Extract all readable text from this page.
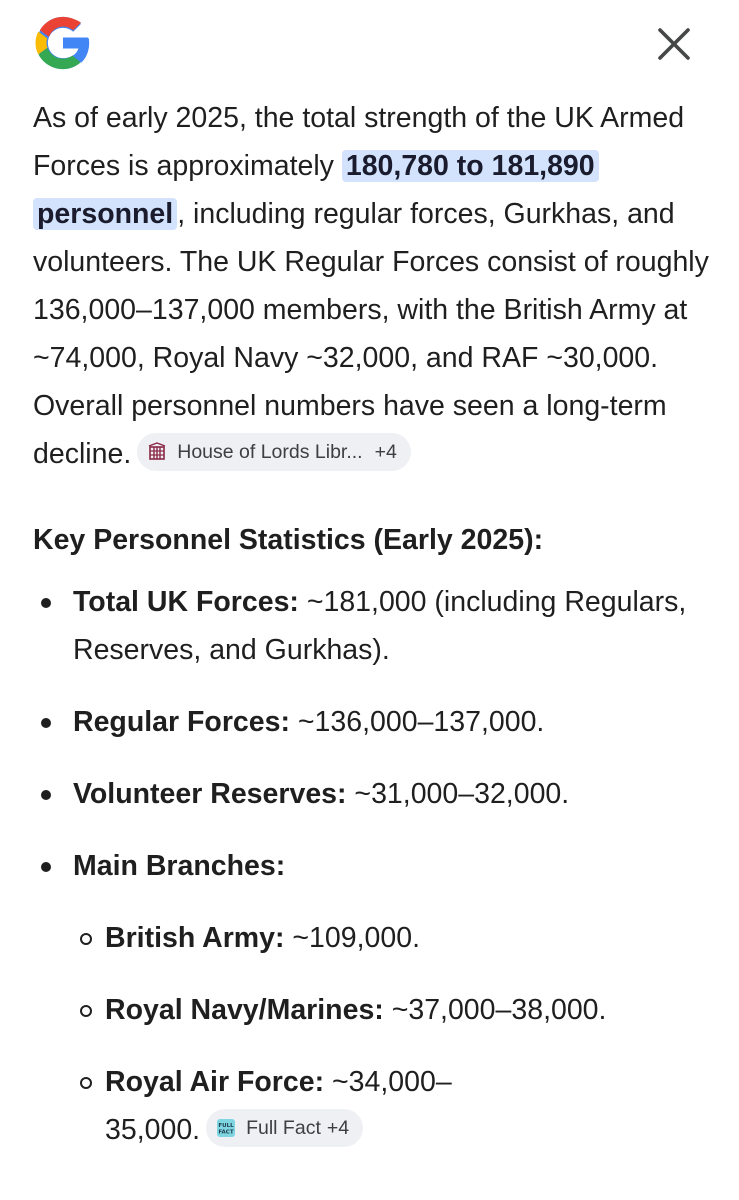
As of early 2025, the total strength of the UK Armed Forces is approximately 180,780 to 181,890 personnel , including regular forces, Gurkhas, and volunteers. The UK Regular Forces consist of roughly 136,000–137,000 members, with the British Army at ~74,000, Royal Navy ~32,000, and RAF ~30,000. Overall personnel numbers have seen a long-term decline. House of Lords Libr... +4

Key Personnel Statistics (Early 2025):
Total UK Forces: ~181,000 (including Regulars, Reserves, and Gurkhas).
Regular Forces: ~136,000–137,000.
Volunteer Reserves: ~31,000–32,000.
Main Branches:
British Army: ~109,000.
Royal Navy/Marines: ~37,000–38,000.
Royal Air Force: ~34,000–35,000.	FULL
FACT Full Fact +4
